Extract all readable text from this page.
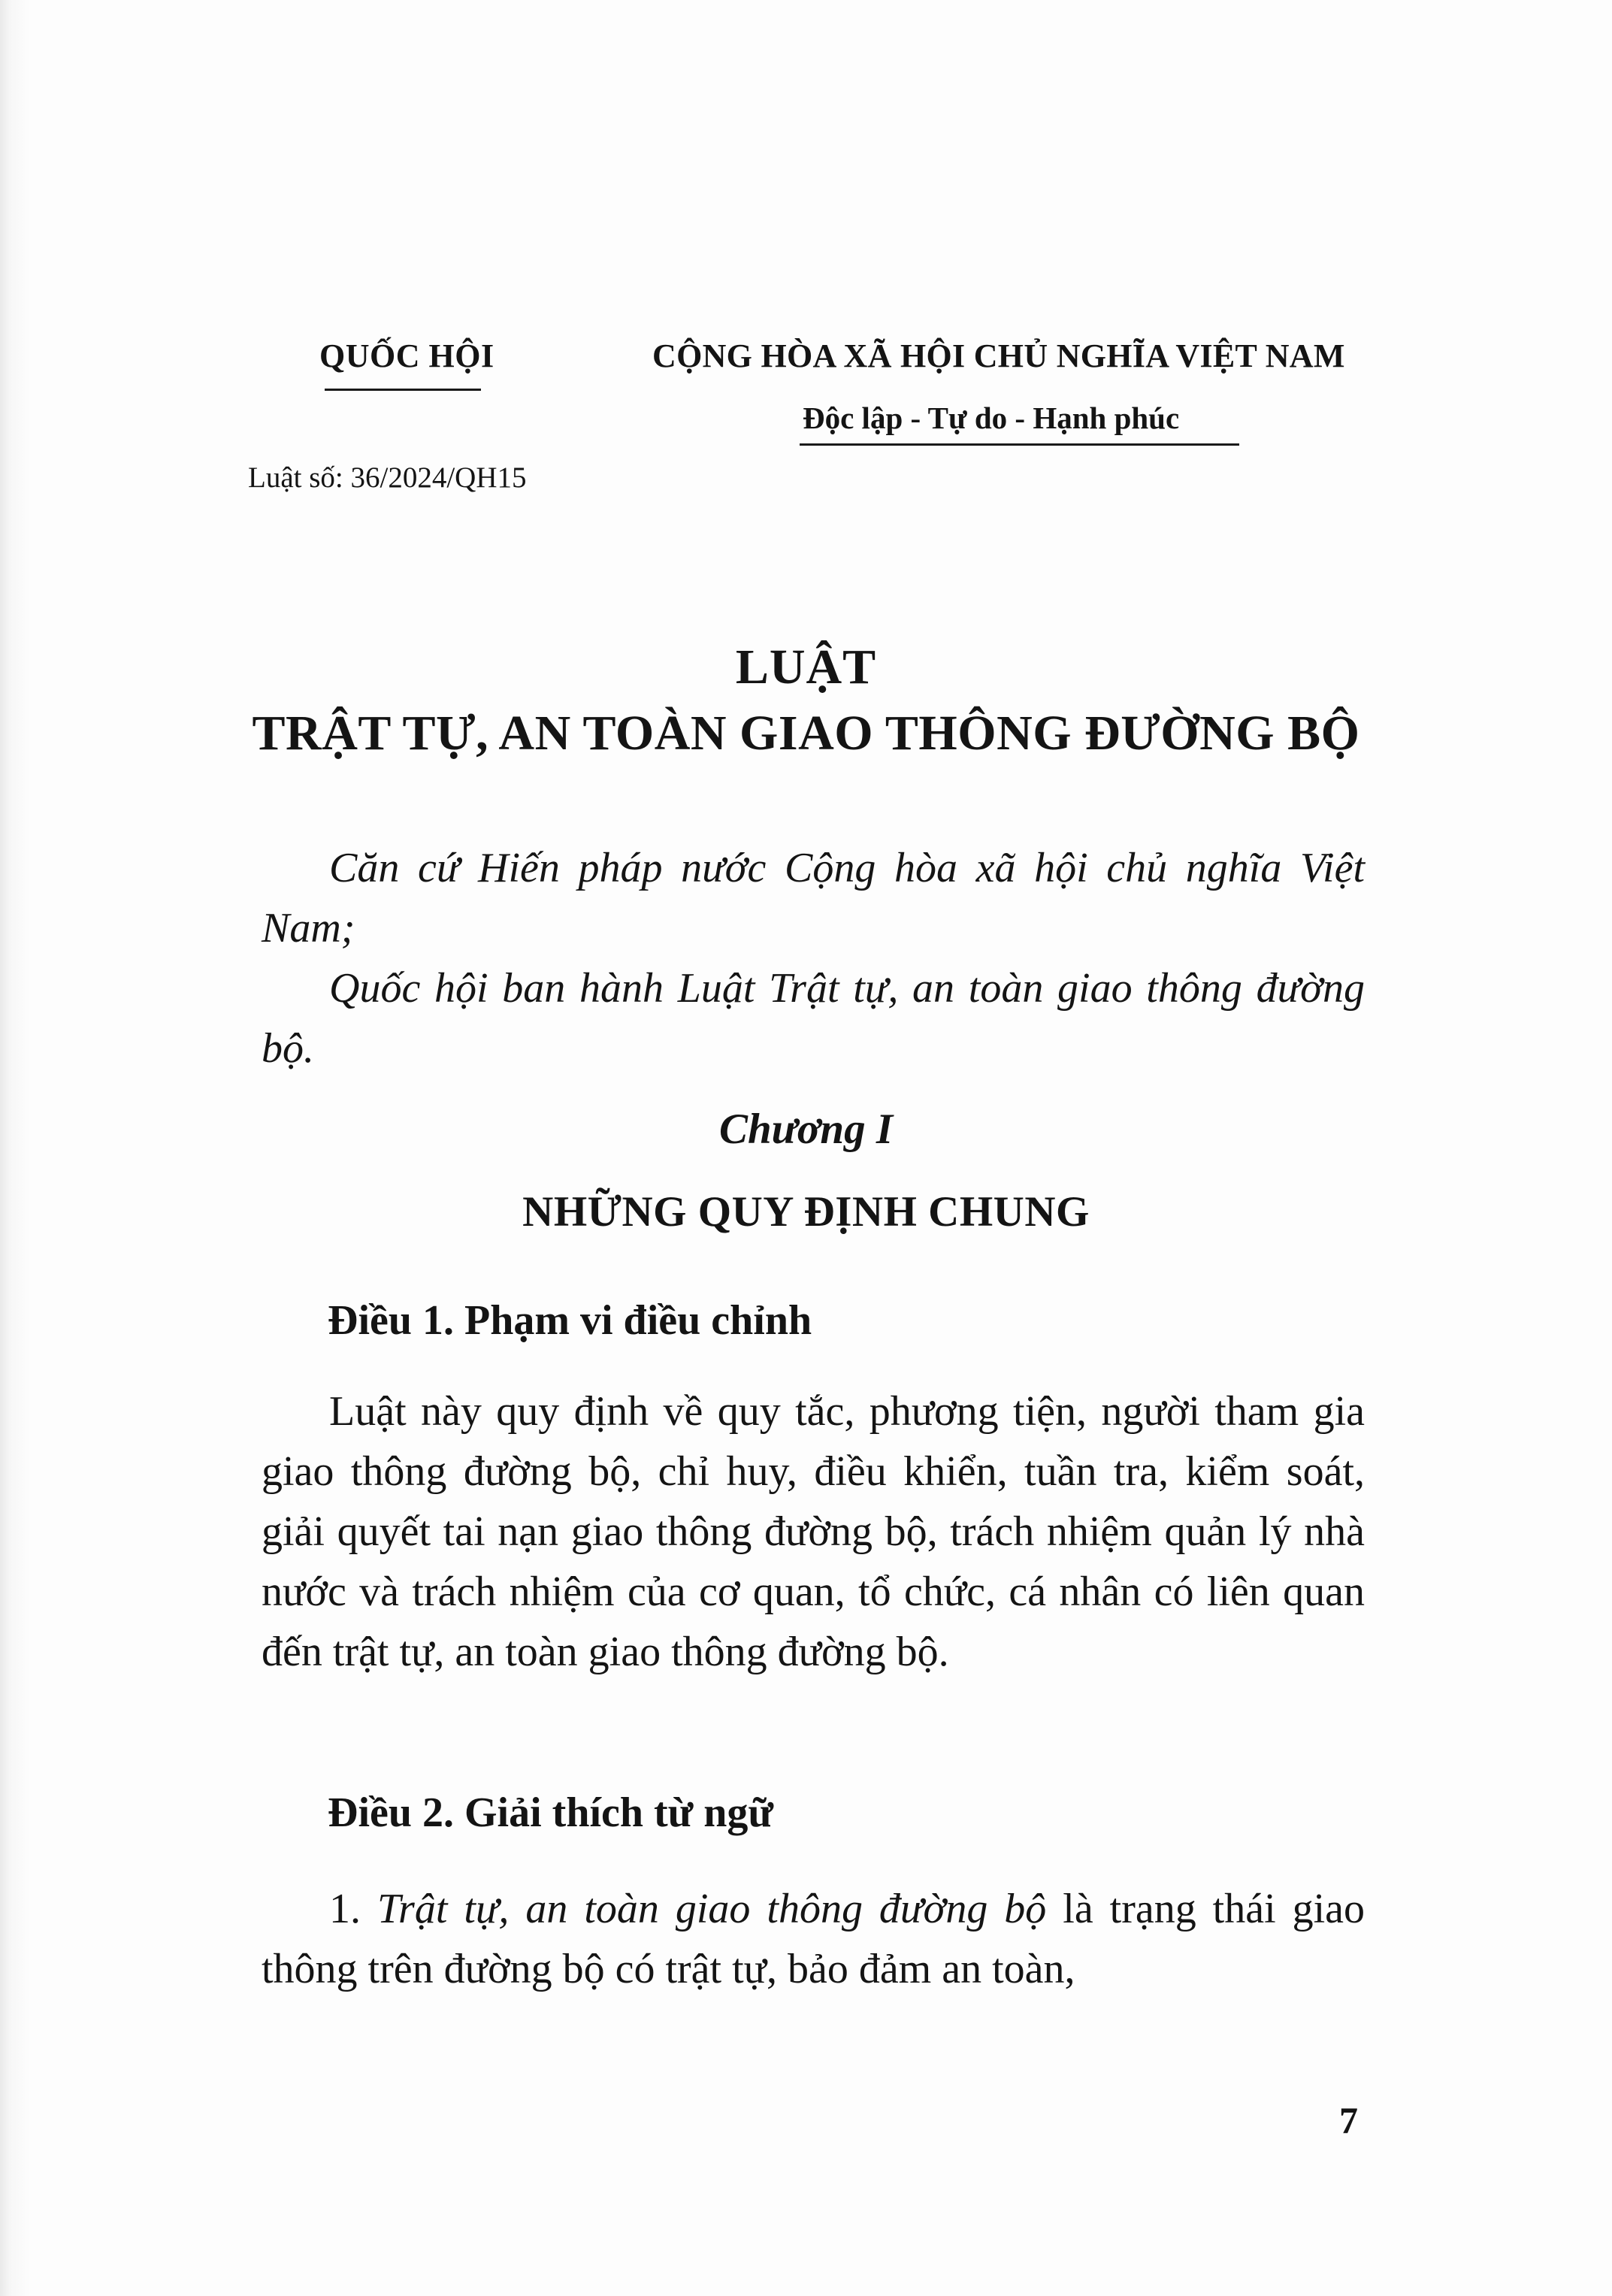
QUỐC HỘI	CỘNG HÒA XÃ HỘI CHỦ NGHĨA VIỆT NAM
Độc lập - Tự do - Hạnh phúc
Luật số: 36/2024/QH15
LUẬT
TRẬT TỰ, AN TOÀN GIAO THÔNG ĐƯỜNG BỘ
Căn cứ Hiến pháp nước Cộng hòa xã hội chủ nghĩa Việt Nam;
Quốc hội ban hành Luật Trật tự, an toàn giao thông đường bộ.
Chương I
NHỮNG QUY ĐỊNH CHUNG
Điều 1. Phạm vi điều chỉnh
Luật này quy định về quy tắc, phương tiện, người tham gia giao thông đường bộ, chỉ huy, điều khiển, tuần tra, kiểm soát, giải quyết tai nạn giao thông đường bộ, trách nhiệm quản lý nhà nước và trách nhiệm của cơ quan, tổ chức, cá nhân có liên quan đến trật tự, an toàn giao thông đường bộ.
Điều 2. Giải thích từ ngữ
1. Trật tự, an toàn giao thông đường bộ là trạng thái giao thông trên đường bộ có trật tự, bảo đảm an toàn,
7
